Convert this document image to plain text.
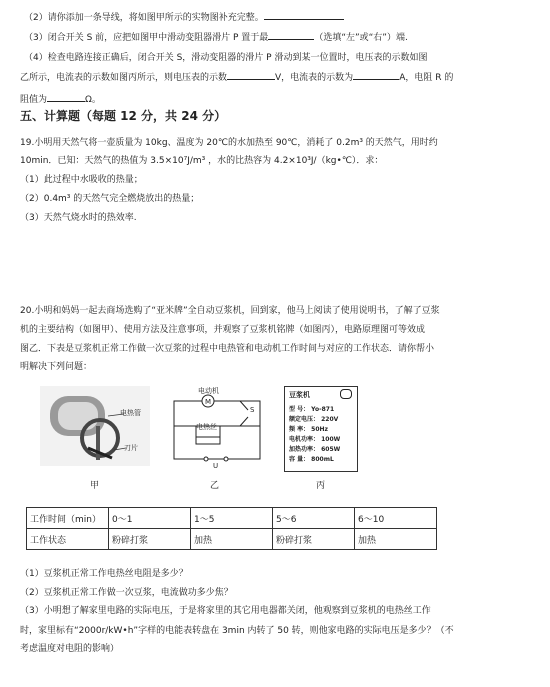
（2）请你添加一条导线，将如图甲所示的实物图补充完整。
（3）闭合开关 S 前，应把如图甲中滑动变阻器滑片 P 置于最	（选填“左”或“右”）端.
（4）检查电路连接正确后，闭合开关 S，滑动变阻器的滑片 P 滑动到某一位置时，电压表的示数如图
乙所示，电流表的示数如图丙所示，则电压表的示数	V，电流表的示数为	A，电阻 R 的
阻值为	Ω。
五、计算题（每题 12 分，共 24 分）
19.小明用天然气将一壶质量为 10kg、温度为 20℃的水加热至 90℃，消耗了 0.2m³ 的天然气，用时约
10min．已知：天然气的热值为 3.5×10⁷J/m³ ，水的比热容为 4.2×10³J/（kg•℃）．求：
（1）此过程中水吸收的热量；
（2）0.4m³ 的天然气完全燃烧放出的热量；
（3）天然气烧水时的热效率.
20.小明和妈妈一起去商场选购了“亚米牌”全自动豆浆机，回到家，他马上阅读了使用说明书，了解了豆浆
机的主要结构（如图甲）、使用方法及注意事项，并观察了豆浆机铭牌（如图丙），电路原理图可等效成
图乙．下表是豆浆机正常工作做一次豆浆的过程中电热管和电动机工作时间与对应的工作状态．请你帮小
明解决下列问题：
电热管
刀片
甲
M
电动机
电热丝
S
U
乙
豆浆机
型 号： Yo-871
额定电压： 220V
频 率： 50Hz
电机功率： 100W
加热功率： 605W
容 量： 800mL
丙
工作时间（min）	0～1	1～5	5～6	6～10
工作状态	粉碎打浆	加热	粉碎打浆	加热
（1）豆浆机正常工作电热丝电阻是多少？
（2）豆浆机正常工作做一次豆浆，电流做功多少焦？
（3）小明想了解家里电路的实际电压，于是将家里的其它用电器都关闭，他观察到豆浆机的电热丝工作
时，家里标有“2000r/kW•h”字样的电能表转盘在 3min 内转了 50 转，则他家电路的实际电压是多少？（不
考虑温度对电阻的影响）
